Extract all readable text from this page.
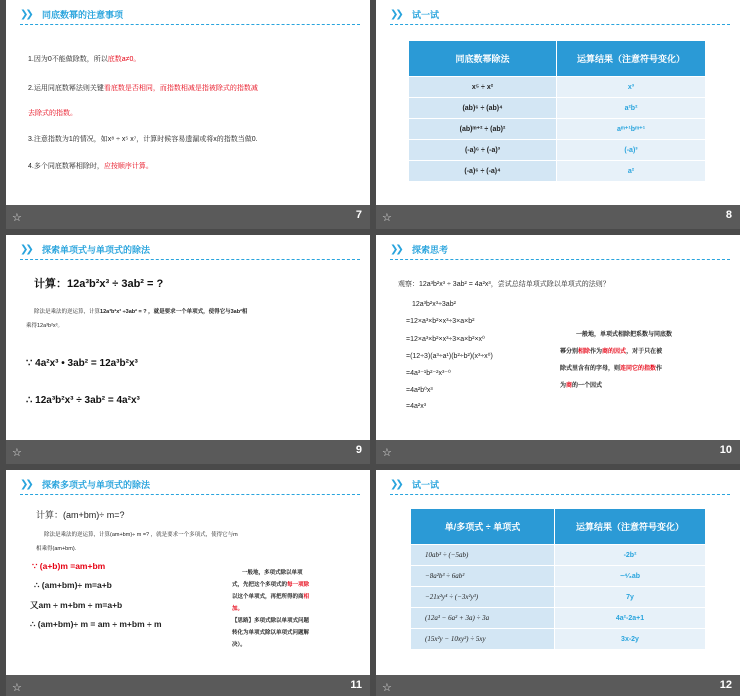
❯❯ 同底数幂的注意事项
1.因为0不能做除数，所以底数a≠0。
2.运用同底数幂法则关键看底数是否相同，而指数相减是指被除式的指数减
去除式的指数。
3.注意指数为1的情况，如x⁸ ÷ x⁵ x⁷，计算时候容易遗漏或将x的指数当做0.
4.多个同底数幂相除时，应按顺序计算。
☆	7
❯❯ 试一试
同底数幂除法	运算结果（注意符号变化）
x⁵ ÷ x²	x³
(ab)⁶ ÷ (ab)⁴	a²b²
(ab)ᵐ⁺² ÷ (ab)²	aᵐ⁺¹bᵐ⁺¹
(-a)⁶ ÷ (-a)³	(-a)³
(-a)⁶ ÷ (-a)⁴	a²
☆	8
❯❯ 探索单项式与单项式的除法
计算：12a³b²x³ ÷ 3ab² = ?
除法是乘法的逆运算，计算12a³b²x³ ÷3ab² = ? ，就是要求一个单项式，使得它与3ab²相
乘得12a³b²x³。
∵ 4a²x³ • 3ab² = 12a³b²x³
∴ 12a³b²x³ ÷ 3ab² = 4a²x³
☆	9
❯❯ 探索思考
观察：12a³b²x³ ÷ 3ab² = 4a²x³，尝试总结单项式除以单项式的法则？
12a³b²x³÷3ab²
=12×a³×b²×x³÷3×a×b²
=12×a³×b²×x³÷3×a×b²×x⁰
=(12÷3)(a³÷a¹)(b²÷b²)(x³÷x⁰)
=4a³⁻¹b²⁻²x³⁻⁰
=4a²b⁰x³
=4a²x³
一般地，单项式相除把系数与同底数
幂分别相除作为商的因式，对于只在被
除式里含有的字母，则连同它的指数作
为商的一个因式
☆	10
❯❯ 探索多项式与单项式的除法
计算：(am+bm)÷ m=?
除法是乘法的逆运算，计算(am+bm)÷ m =? ，就是要求一个多项式，使得它与m
相乘得(am+bm).
∵ (a+b)m =am+bm
∴ (am+bm)÷ m=a+b
又am ÷ m+bm ÷ m=a+b
∴ (am+bm)÷ m = am ÷ m+bm ÷ m
一般地，多项式除以单项
式，先把这个多项式的每一项除
以这个单项式，再把所得的商相
加。
【思路】多项式除以单项式问题
转化为单项式除以单项式问题解
决）。
☆	11
❯❯ 试一试
单/多项式 ÷ 单项式	运算结果（注意符号变化）
10ab³ ÷ (−5ab)	-2b²
−8a²b³ ÷ 6ab²	−⁴⁄₃ab
−21x²y⁴ ÷ (−3x²y³)	7y
(12a³ − 6a² + 3a) ÷ 3a	4a²-2a+1
(15x²y − 10xy²) ÷ 5xy	3x-2y
☆	12
